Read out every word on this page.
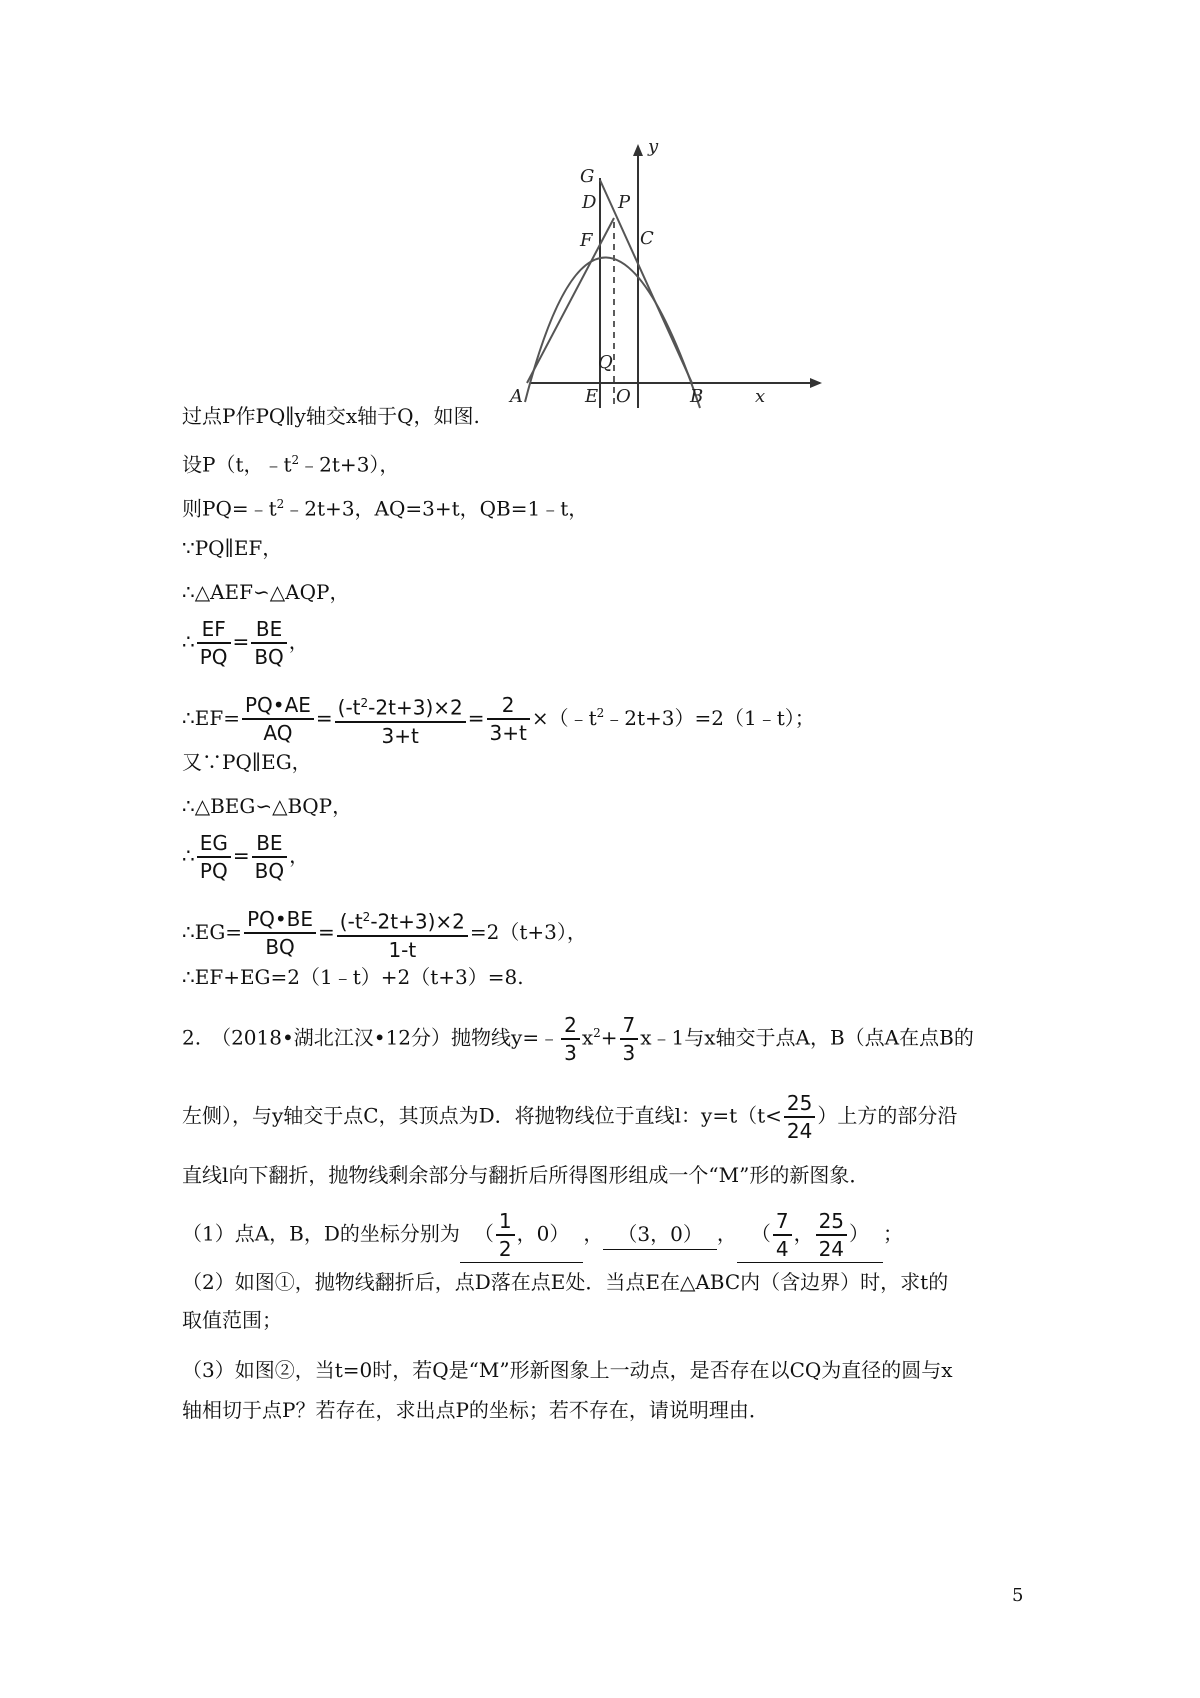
y
x
G
D P
F	C
Q
A	E O	B
过点P作PQ∥y轴交x轴于Q，如图.
设P（t，$﹣t^2﹣2t+3$），
则$PQ=﹣t^2﹣2t+3$，AQ=3+t，QB=1﹣t，
∵PQ∥EF，
∴△AEF∽△AQP，
∴ $\frac{EF}{PQ} = \frac{BE}{BQ}$ ，
∴EF= $\frac{PQ•AE}{AQ} = \frac{(-t^2-2t+3)\times 2}{3+t} = \frac{2}{3+t}$ $\times(﹣t^2﹣2t+3)=2(1﹣t)$；
又∵PQ∥EG，
∴△BEG∽△BQP，
∴ $\frac{EG}{PQ} = \frac{BE}{BQ}$ ，
∴EG= $\frac{PQ•BE}{BQ} = \frac{(-t^2-2t+3)\times 2}{1-t} =2(t+3)$，
∴EF+EG=2（1﹣t）+2（t+3）=8.
2.　（2018•湖北江汉•12分）抛物线y=﹣ $\frac{2}{3} x^2+ \frac{7}{3}$ x﹣1与x轴交于点A，B（点A在点B的
左侧），与y轴交于点C，其顶点为D．将抛物线位于直线l：$y=t(t< \frac{25}{24}$ ）上方的部分沿
直线l向下翻折，抛物线剩余部分与翻折后所得图形组成一个“M”形的新图象．
（1）点A，B，D的坐标分别为 （ $\frac{1}{2}$ ，0） ， （3，0） ， （ $\frac{7}{4}$ ， $\frac{25}{24}$ ） ；
（2）如图①，抛物线翻折后，点D落在点E处．当点E在△ABC内（含边界）时，求t的
取值范围；
（3）如图②，当t=0时，若Q是“M”形新图象上一动点，是否存在以CQ为直径的圆与x
轴相切于点P？若存在，求出点P的坐标；若不存在，请说明理由．
5
